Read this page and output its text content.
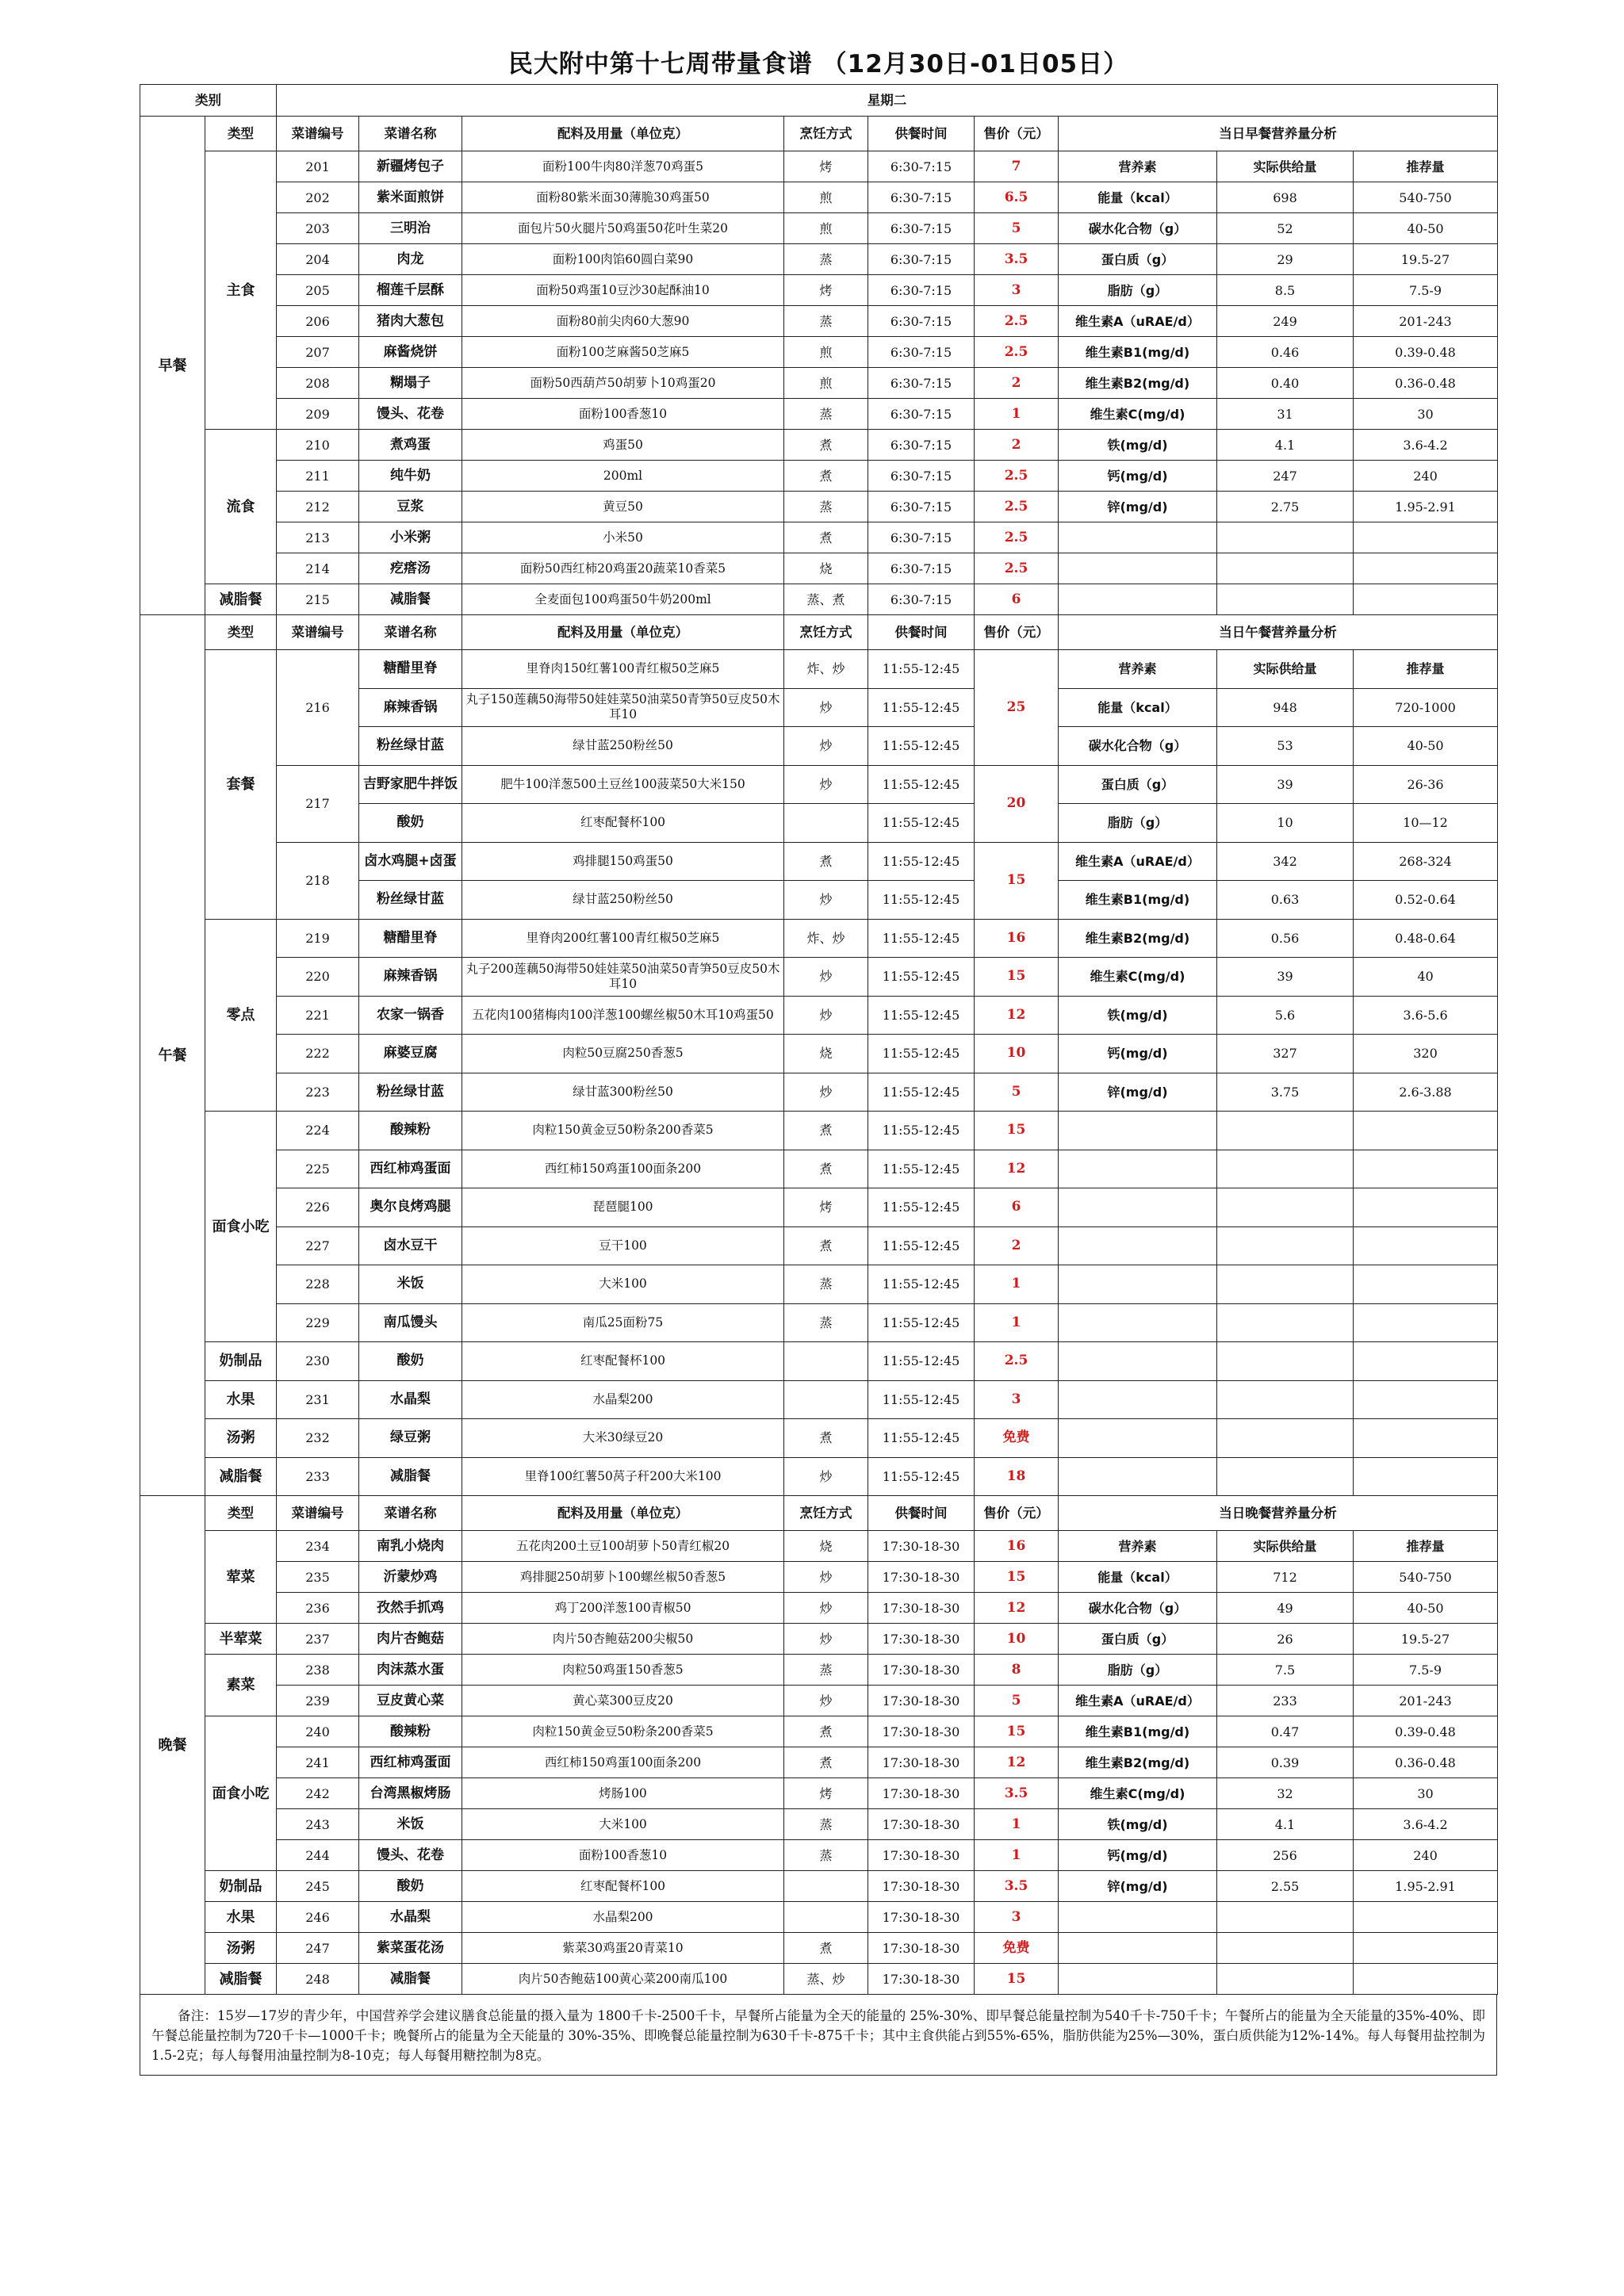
民大附中第十七周带量食谱 （12月30日-01日05日）
类别		星期二								
早餐	类型	菜谱编号	菜谱名称	配料及用量（单位克）	烹饪方式	供餐时间	售价（元）	当日早餐营养量分析		
	主食	201	新疆烤包子	面粉100牛肉80洋葱70鸡蛋5	烤	6:30-7:15	7	营养素	实际供给量	推荐量
		202	紫米面煎饼	面粉80紫米面30薄脆30鸡蛋50	煎	6:30-7:15	6.5	能量（kcal）	698	540-750
		203	三明治	面包片50火腿片50鸡蛋50花叶生菜20	煎	6:30-7:15	5	碳水化合物（g）	52	40-50
		204	肉龙	面粉100肉馅60圆白菜90	蒸	6:30-7:15	3.5	蛋白质（g）	29	19.5-27
		205	榴莲千层酥	面粉50鸡蛋10豆沙30起酥油10	烤	6:30-7:15	3	脂肪（g）	8.5	7.5-9
		206	猪肉大葱包	面粉80前尖肉60大葱90	蒸	6:30-7:15	2.5	维生素A（uRAE/d）	249	201-243
		207	麻酱烧饼	面粉100芝麻酱50芝麻5	煎	6:30-7:15	2.5	维生素B1(mg/d)	0.46	0.39-0.48
		208	糊塌子	面粉50西葫芦50胡萝卜10鸡蛋20	煎	6:30-7:15	2	维生素B2(mg/d)	0.40	0.36-0.48
		209	馒头、花卷	面粉100香葱10	蒸	6:30-7:15	1	维生素C(mg/d)	31	30
	流食	210	煮鸡蛋	鸡蛋50	煮	6:30-7:15	2	铁(mg/d)	4.1	3.6-4.2
		211	纯牛奶	200ml	煮	6:30-7:15	2.5	钙(mg/d)	247	240
		212	豆浆	黄豆50	蒸	6:30-7:15	2.5	锌(mg/d)	2.75	1.95-2.91
		213	小米粥	小米50	煮	6:30-7:15	2.5			
		214	疙瘩汤	面粉50西红柿20鸡蛋20蔬菜10香菜5	烧	6:30-7:15	2.5			
	减脂餐	215	减脂餐	全麦面包100鸡蛋50牛奶200ml	蒸、煮	6:30-7:15	6			
午餐	类型	菜谱编号	菜谱名称	配料及用量（单位克）	烹饪方式	供餐时间	售价（元）	当日午餐营养量分析		
	套餐	216	糖醋里脊	里脊肉150红薯100青红椒50芝麻5	炸、炒	11:55-12:45	25	营养素	实际供给量	推荐量
			麻辣香锅	丸子150莲藕50海带50娃娃菜50油菜50青笋50豆皮50木耳10	炒	11:55-12:45		能量（kcal）	948	720-1000
			粉丝绿甘蓝	绿甘蓝250粉丝50	炒	11:55-12:45		碳水化合物（g）	53	40-50
		217	吉野家肥牛拌饭	肥牛100洋葱500土豆丝100菠菜50大米150	炒	11:55-12:45	20	蛋白质（g）	39	26-36
			酸奶	红枣配餐杯100		11:55-12:45		脂肪（g）	10	10—12
		218	卤水鸡腿+卤蛋	鸡排腿150鸡蛋50	煮	11:55-12:45	15	维生素A（uRAE/d）	342	268-324
			粉丝绿甘蓝	绿甘蓝250粉丝50	炒	11:55-12:45		维生素B1(mg/d)	0.63	0.52-0.64
	零点	219	糖醋里脊	里脊肉200红薯100青红椒50芝麻5	炸、炒	11:55-12:45	16	维生素B2(mg/d)	0.56	0.48-0.64
		220	麻辣香锅	丸子200莲藕50海带50娃娃菜50油菜50青笋50豆皮50木耳10	炒	11:55-12:45	15	维生素C(mg/d)	39	40
		221	农家一锅香	五花肉100猪梅肉100洋葱100螺丝椒50木耳10鸡蛋50	炒	11:55-12:45	12	铁(mg/d)	5.6	3.6-5.6
		222	麻婆豆腐	肉粒50豆腐250香葱5	烧	11:55-12:45	10	钙(mg/d)	327	320
		223	粉丝绿甘蓝	绿甘蓝300粉丝50	炒	11:55-12:45	5	锌(mg/d)	3.75	2.6-3.88
	面食小吃	224	酸辣粉	肉粒150黄金豆50粉条200香菜5	煮	11:55-12:45	15			
		225	西红柿鸡蛋面	西红柿150鸡蛋100面条200	煮	11:55-12:45	12			
		226	奥尔良烤鸡腿	琵琶腿100	烤	11:55-12:45	6			
		227	卤水豆干	豆干100	煮	11:55-12:45	2			
		228	米饭	大米100	蒸	11:55-12:45	1			
		229	南瓜馒头	南瓜25面粉75	蒸	11:55-12:45	1			
	奶制品	230	酸奶	红枣配餐杯100		11:55-12:45	2.5			
	水果	231	水晶梨	水晶梨200		11:55-12:45	3			
	汤粥	232	绿豆粥	大米30绿豆20	煮	11:55-12:45	免费			
	减脂餐	233	减脂餐	里脊100红薯50莴子秆200大米100	炒	11:55-12:45	18			
晚餐	类型	菜谱编号	菜谱名称	配料及用量（单位克）	烹饪方式	供餐时间	售价（元）	当日晚餐营养量分析		
	荤菜	234	南乳小烧肉	五花肉200土豆100胡萝卜50青红椒20	烧	17:30-18-30	16	营养素	实际供给量	推荐量
		235	沂蒙炒鸡	鸡排腿250胡萝卜100螺丝椒50香葱5	炒	17:30-18-30	15	能量（kcal）	712	540-750
		236	孜然手抓鸡	鸡丁200洋葱100青椒50	炒	17:30-18-30	12	碳水化合物（g）	49	40-50
	半荤菜	237	肉片杏鲍菇	肉片50杏鲍菇200尖椒50	炒	17:30-18-30	10	蛋白质（g）	26	19.5-27
	素菜	238	肉沫蒸水蛋	肉粒50鸡蛋150香葱5	蒸	17:30-18-30	8	脂肪（g）	7.5	7.5-9
		239	豆皮黄心菜	黄心菜300豆皮20	炒	17:30-18-30	5	维生素A（uRAE/d）	233	201-243
	面食小吃	240	酸辣粉	肉粒150黄金豆50粉条200香菜5	煮	17:30-18-30	15	维生素B1(mg/d)	0.47	0.39-0.48
		241	西红柿鸡蛋面	西红柿150鸡蛋100面条200	煮	17:30-18-30	12	维生素B2(mg/d)	0.39	0.36-0.48
		242	台湾黑椒烤肠	烤肠100	烤	17:30-18-30	3.5	维生素C(mg/d)	32	30
		243	米饭	大米100	蒸	17:30-18-30	1	铁(mg/d)	4.1	3.6-4.2
		244	馒头、花卷	面粉100香葱10	蒸	17:30-18-30	1	钙(mg/d)	256	240
	奶制品	245	酸奶	红枣配餐杯100		17:30-18-30	3.5	锌(mg/d)	2.55	1.95-2.91
	水果	246	水晶梨	水晶梨200		17:30-18-30	3			
	汤粥	247	紫菜蛋花汤	紫菜30鸡蛋20青菜10	煮	17:30-18-30	免费			
	减脂餐	248	减脂餐	肉片50杏鲍菇100黄心菜200南瓜100	蒸、炒	17:30-18-30	15			
备注：15岁—17岁的青少年，中国营养学会建议膳食总能量的摄入量为 1800千卡-2500千卡，早餐所占能量为全天的能量的 25%-30%、即早餐总能量控制为540千卡-750千卡；午餐所占的能量为全天能量的35%-40%、即午餐总能量控制为720千卡—1000千卡；晚餐所占的能量为全天能量的 30%-35%、即晚餐总能量控制为630千卡-875千卡；其中主食供能占到55%-65%，脂肪供能为25%—30%，蛋白质供能为12%-14%。每人每餐用盐控制为1.5-2克；每人每餐用油量控制为8-10克；每人每餐用糖控制为8克。
